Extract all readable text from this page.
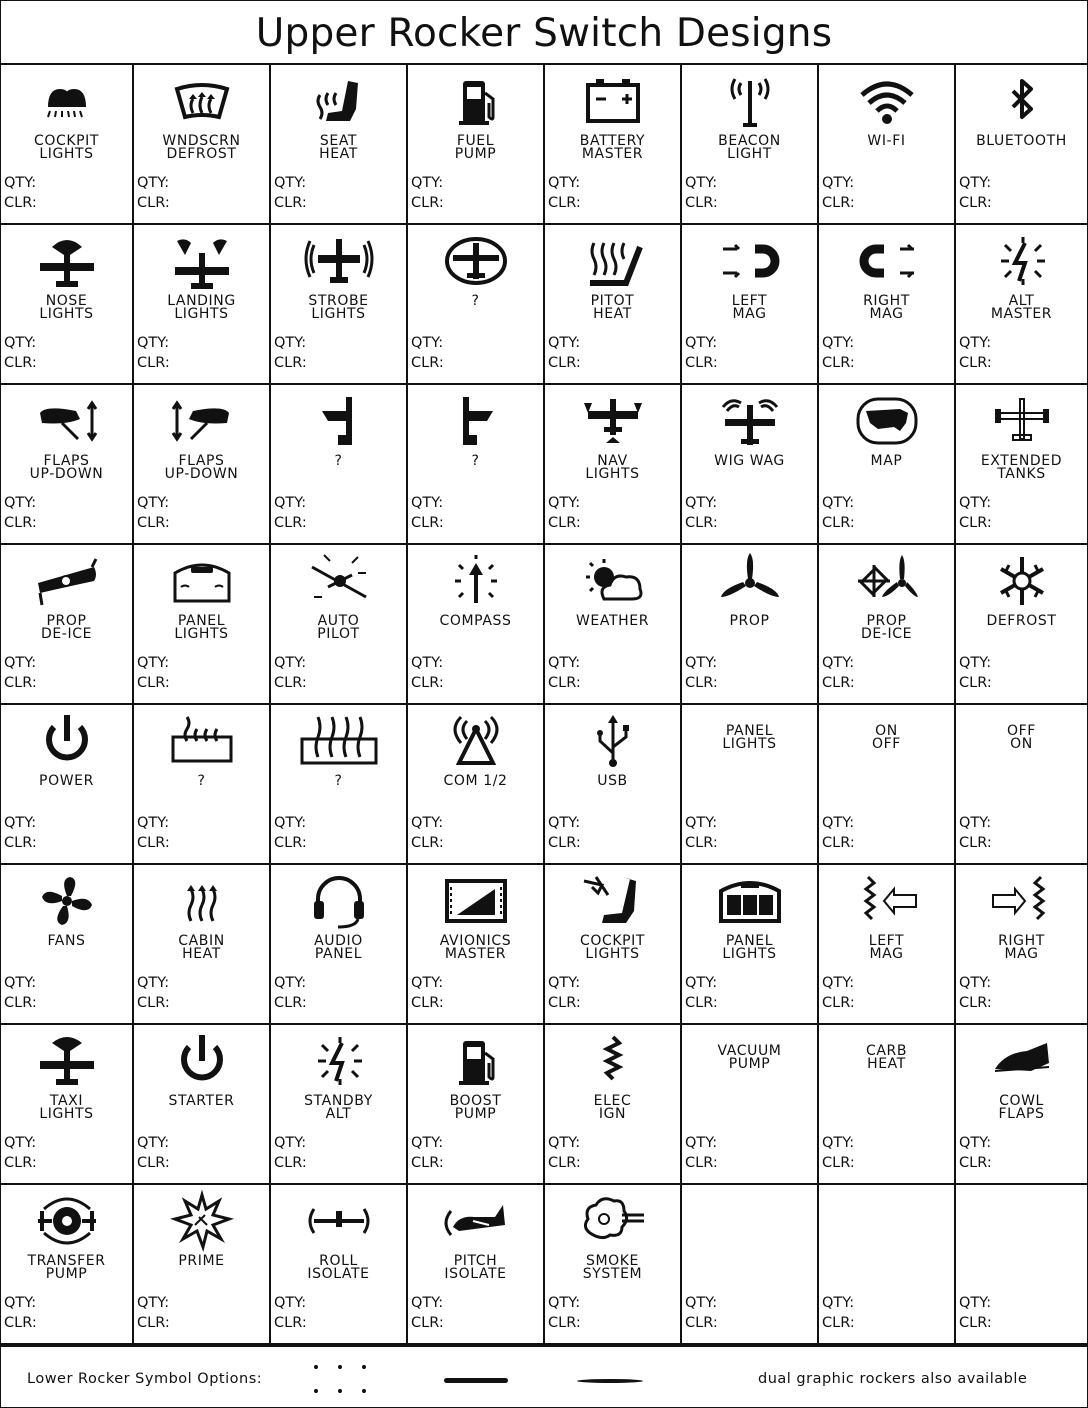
Upper Rocker Switch Designs
COCKPIT
LIGHTS
QTY:
CLR:
WNDSCRN
DEFROST
QTY:
CLR:
SEAT
HEAT
QTY:
CLR:
FUEL
PUMP
QTY:
CLR:
BATTERY
MASTER
QTY:
CLR:
BEACON
LIGHT
QTY:
CLR:
WI-FI
QTY:
CLR:
BLUETOOTH
QTY:
CLR:
NOSE
LIGHTS
QTY:
CLR:
LANDING
LIGHTS
QTY:
CLR:
STROBE
LIGHTS
QTY:
CLR:
?
QTY:
CLR:
PITOT
HEAT
QTY:
CLR:
LEFT
MAG
QTY:
CLR:
RIGHT
MAG
QTY:
CLR:
ALT
MASTER
QTY:
CLR:
FLAPS
UP-DOWN
QTY:
CLR:
FLAPS
UP-DOWN
QTY:
CLR:
?
QTY:
CLR:
?
QTY:
CLR:
NAV
LIGHTS
QTY:
CLR:
WIG WAG
QTY:
CLR:
MAP
QTY:
CLR:
EXTENDED
TANKS
QTY:
CLR:
PROP
DE-ICE
QTY:
CLR:
PANEL
LIGHTS
QTY:
CLR:
AUTO
PILOT
QTY:
CLR:
COMPASS
QTY:
CLR:
WEATHER
QTY:
CLR:
PROP
QTY:
CLR:
PROP
DE-ICE
QTY:
CLR:
DEFROST
QTY:
CLR:
POWER
QTY:
CLR:
?
QTY:
CLR:
?
QTY:
CLR:
COM 1/2
QTY:
CLR:
USB
QTY:
CLR:
PANEL
LIGHTS
QTY:
CLR:
ON
OFF
QTY:
CLR:
OFF
ON
QTY:
CLR:
FANS
QTY:
CLR:
CABIN
HEAT
QTY:
CLR:
AUDIO
PANEL
QTY:
CLR:
AVIONICS
MASTER
QTY:
CLR:
COCKPIT
LIGHTS
QTY:
CLR:
PANEL
LIGHTS
QTY:
CLR:
LEFT
MAG
QTY:
CLR:
RIGHT
MAG
QTY:
CLR:
TAXI
LIGHTS
QTY:
CLR:
STARTER
QTY:
CLR:
STANDBY
ALT
QTY:
CLR:
BOOST
PUMP
QTY:
CLR:
ELEC
IGN
QTY:
CLR:
VACUUM
PUMP
QTY:
CLR:
CARB
HEAT
QTY:
CLR:
COWL
FLAPS
QTY:
CLR:
TRANSFER
PUMP
QTY:
CLR:
PRIME
QTY:
CLR:
ROLL
ISOLATE
QTY:
CLR:
PITCH
ISOLATE
QTY:
CLR:
SMOKE
SYSTEM
QTY:
CLR:
QTY:
CLR:
QTY:
CLR:
QTY:
CLR:
Lower Rocker Symbol Options:	dual graphic rockers also available
